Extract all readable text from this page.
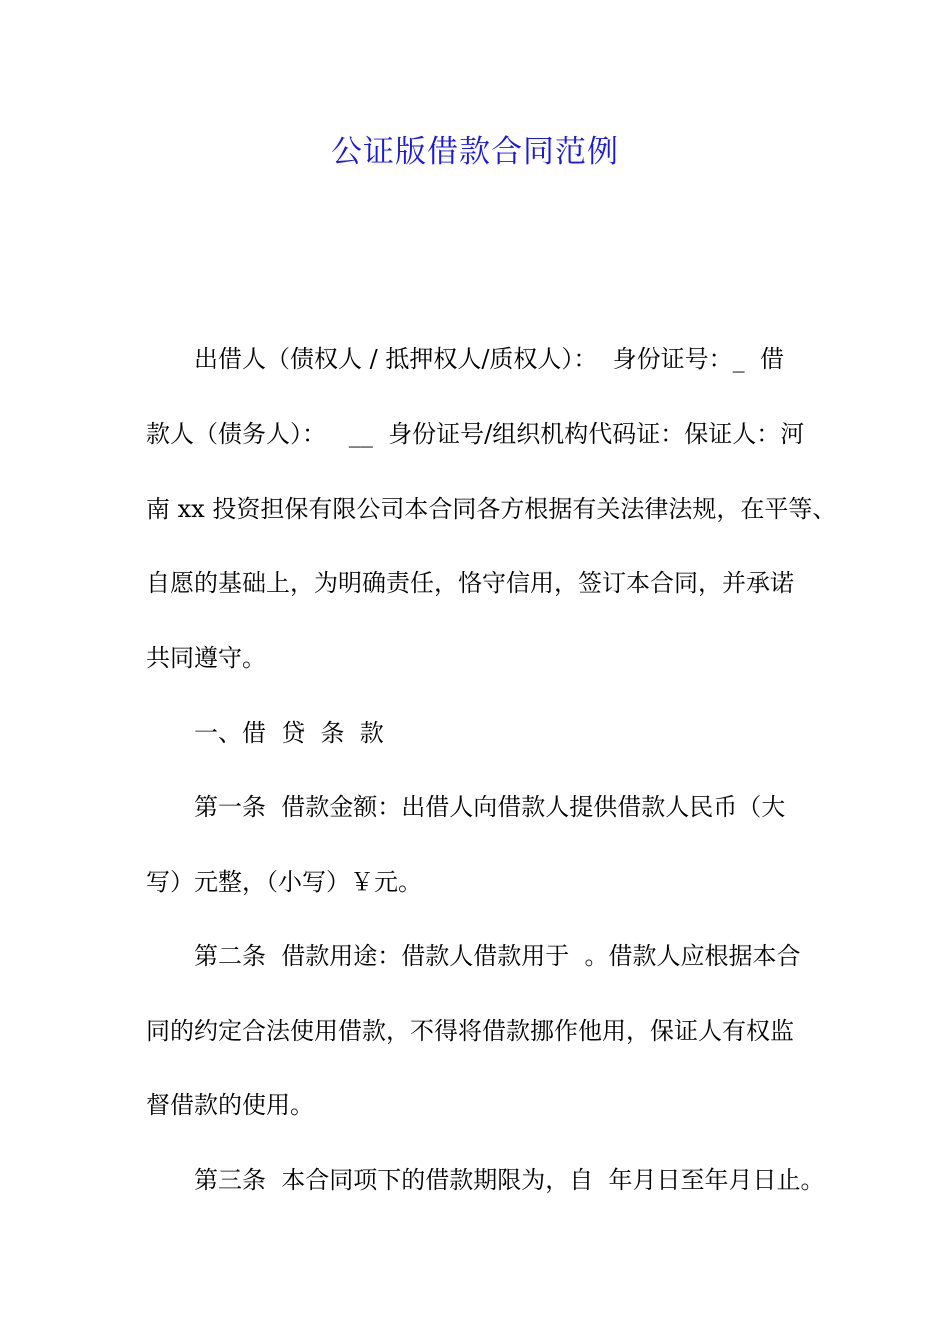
公证版借款合同范例
出借人（债权人 / 抵押权人/质权人）：  身份证号：_  借
款人（债务人）：   __  身份证号/组织机构代码证：保证人：河
南 xx 投资担保有限公司本合同各方根据有关法律法规，在平等、
自愿的基础上，为明确责任，恪守信用，签订本合同，并承诺
共同遵守。
一、借  贷  条  款
第一条  借款金额：出借人向借款人提供借款人民币（大
写）元整，（小写）￥元。
第二条  借款用途：借款人借款用于  。借款人应根据本合
同的约定合法使用借款，不得将借款挪作他用，保证人有权监
督借款的使用。
第三条  本合同项下的借款期限为，自  年月日至年月日止。
